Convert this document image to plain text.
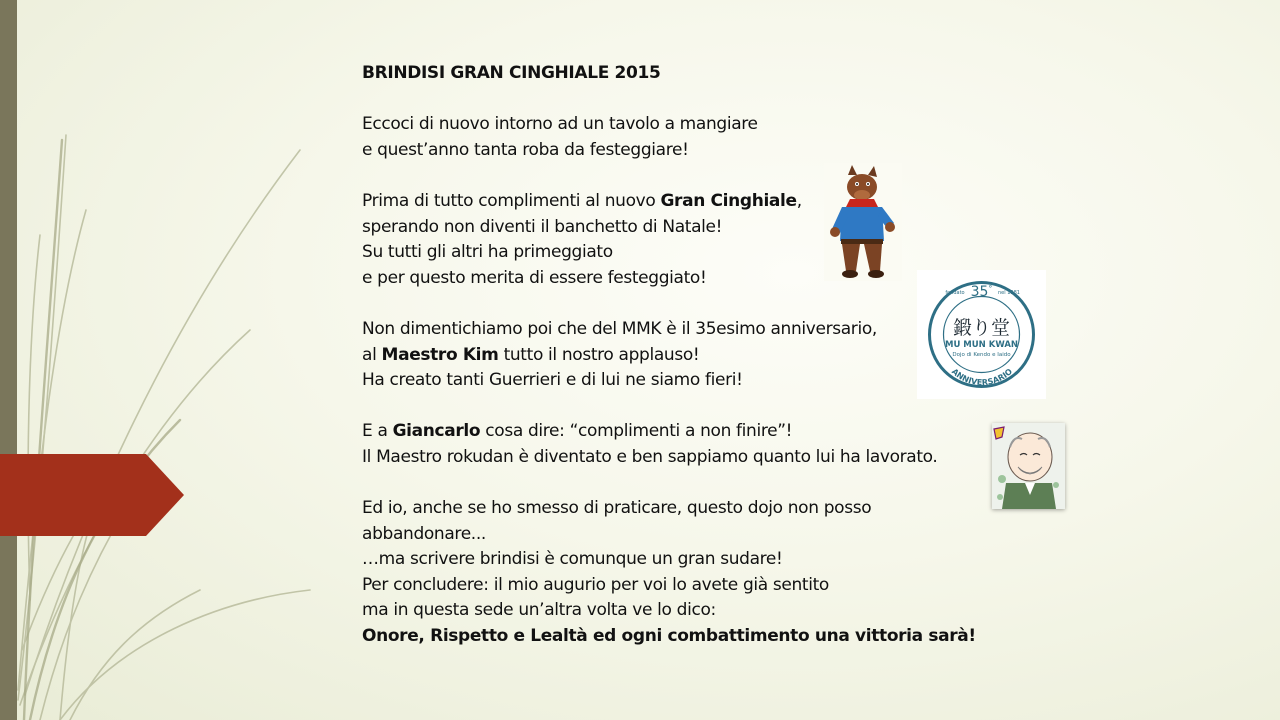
BRINDISI GRAN CINGHIALE 2015
Eccoci di nuovo intorno ad un tavolo a mangiare
e quest’anno tanta roba da festeggiare!
Prima di tutto complimenti al nuovo Gran Cinghiale,
sperando non diventi il banchetto di Natale!
Su tutti gli altri ha primeggiato
e per questo merita di essere festeggiato!
Non dimentichiamo poi che del MMK è il 35esimo anniversario,
al Maestro Kim tutto il nostro applauso!
Ha creato tanti Guerrieri e di lui ne siamo fieri!
E a Giancarlo cosa dire: “complimenti a non finire”!
Il Maestro rokudan è diventato e ben sappiamo quanto lui ha lavorato.
Ed io, anche se ho smesso di praticare, questo dojo non posso
abbandonare...
…ma scrivere brindisi è comunque un gran sudare!
Per concludere: il mio augurio per voi lo avete già sentito
ma in questa sede un’altra volta ve lo dico:
Onore, Rispetto e Lealtà ed ogni combattimento una vittoria sarà!
35°
fondato	nel 1981
鍛り堂
MU MUN KWAN
Dojo di Kendo e Iaido
ANNIVERSARIO
